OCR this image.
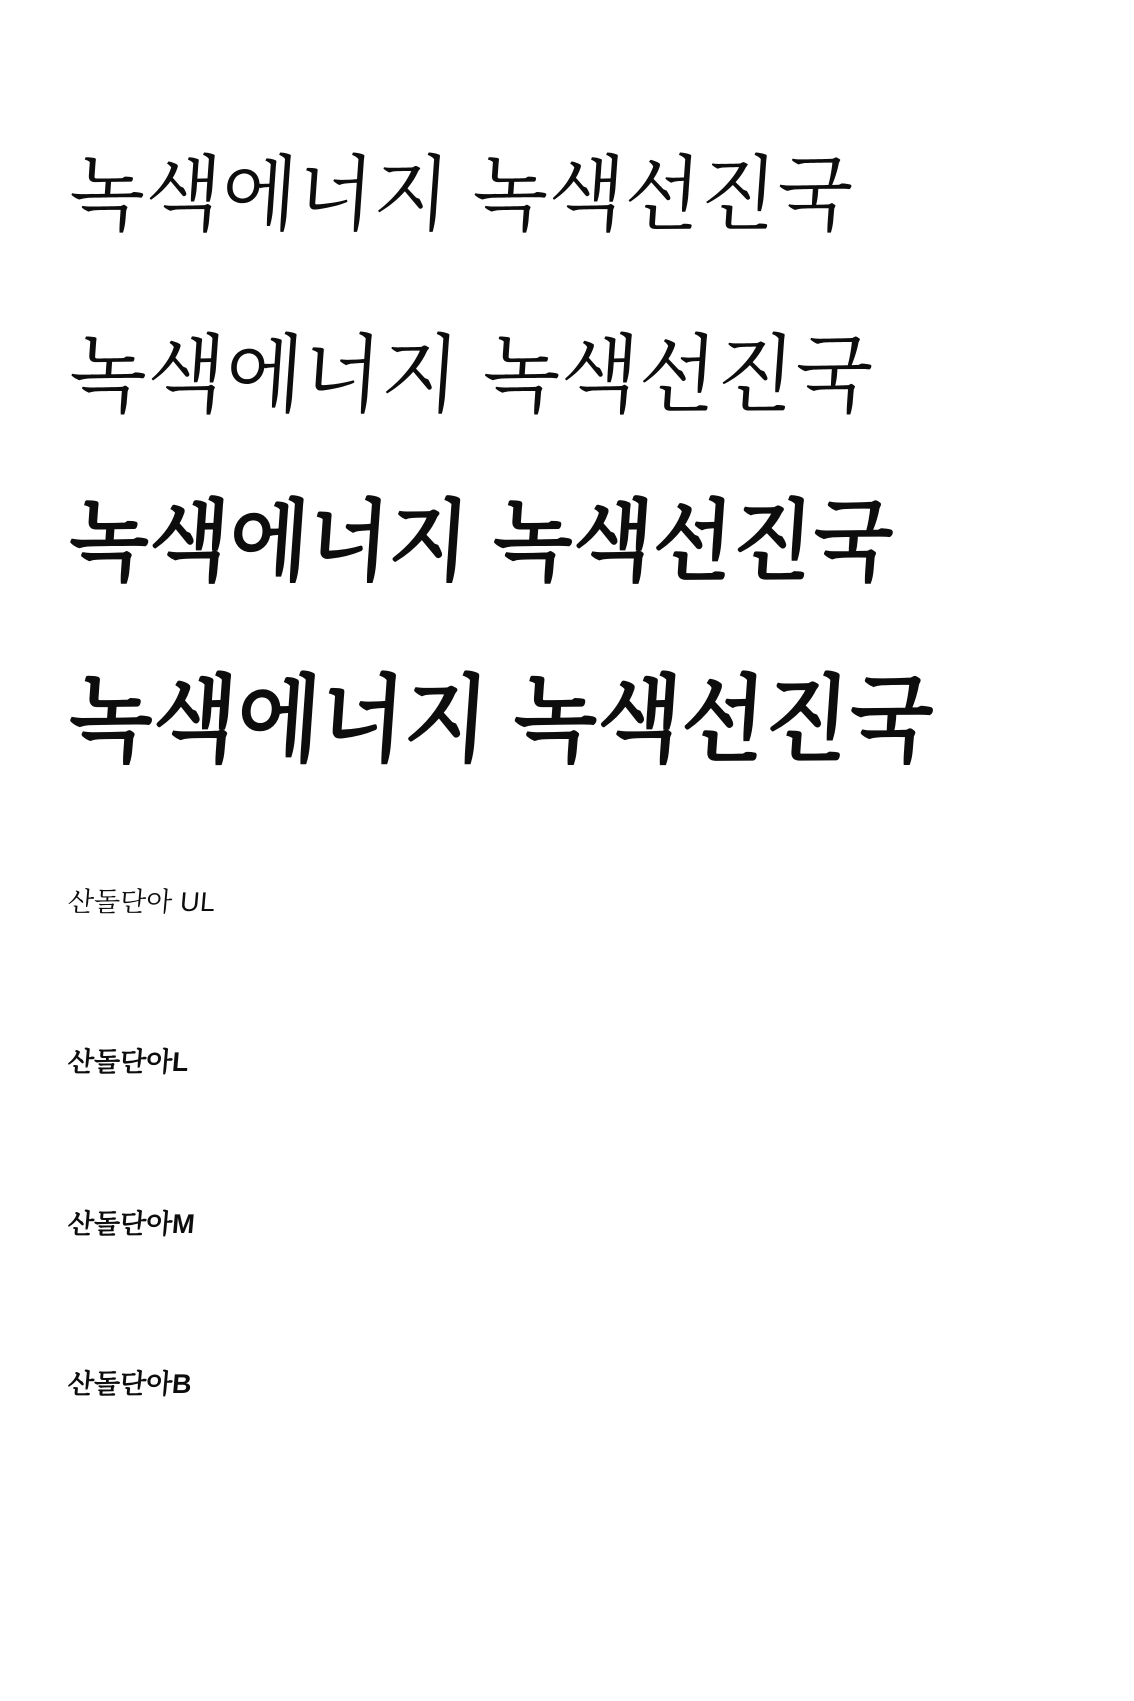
녹색에너지 녹색선진국
녹색에너지 녹색선진국
녹색에너지 녹색선진국
녹색에너지 녹색선진국
산돌단아 UL
산돌단아L
산돌단아M
산돌단아B
